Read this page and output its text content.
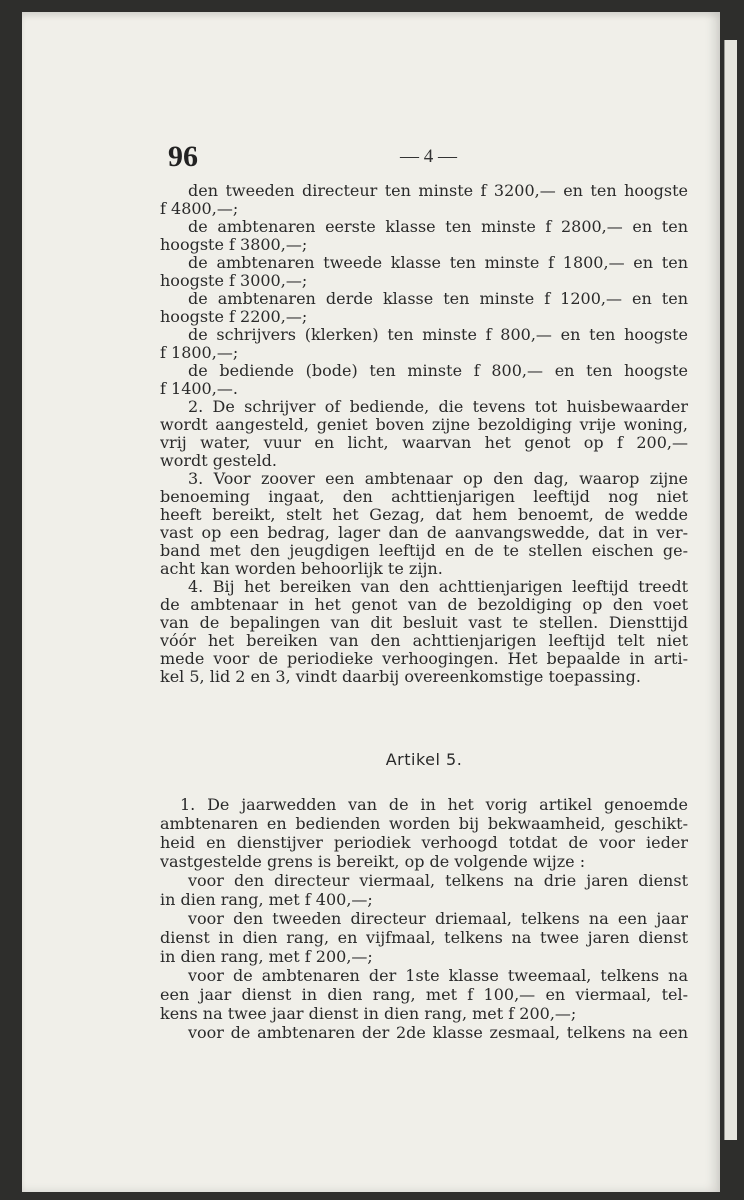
96	— 4 —
den tweeden directeur ten minste f 3200,— en ten hoogste
f 4800,—;
de ambtenaren eerste klasse ten minste f 2800,— en ten
hoogste f 3800,—;
de ambtenaren tweede klasse ten minste f 1800,— en ten
hoogste f 3000,—;
de ambtenaren derde klasse ten minste f 1200,— en ten
hoogste f 2200,—;
de schrijvers (klerken) ten minste f 800,— en ten hoogste
f 1800,—;
de bediende (bode) ten minste f 800,— en ten hoogste
f 1400,—.
2. De schrijver of bediende, die tevens tot huisbewaarder
wordt aangesteld, geniet boven zijne bezoldiging vrije woning,
vrij water, vuur en licht, waarvan het genot op f 200,—
wordt gesteld.
3. Voor zoover een ambtenaar op den dag, waarop zijne
benoeming ingaat, den achttienjarigen leeftijd nog niet
heeft bereikt, stelt het Gezag, dat hem benoemt, de wedde
vast op een bedrag, lager dan de aanvangswedde, dat in ver-
band met den jeugdigen leeftijd en de te stellen eischen ge-
acht kan worden behoorlijk te zijn.
4. Bij het bereiken van den achttienjarigen leeftijd treedt
de ambtenaar in het genot van de bezoldiging op den voet
van de bepalingen van dit besluit vast te stellen. Diensttijd
vóór het bereiken van den achttienjarigen leeftijd telt niet
mede voor de periodieke verhoogingen. Het bepaalde in arti-
kel 5, lid 2 en 3, vindt daarbij overeenkomstige toepassing.
Artikel 5.
1. De jaarwedden van de in het vorig artikel genoemde
ambtenaren en bedienden worden bij bekwaamheid, geschikt-
heid en dienstijver periodiek verhoogd totdat de voor ieder
vastgestelde grens is bereikt, op de volgende wijze :
voor den directeur viermaal, telkens na drie jaren dienst
in dien rang, met f 400,—;
voor den tweeden directeur driemaal, telkens na een jaar
dienst in dien rang, en vijfmaal, telkens na twee jaren dienst
in dien rang, met f 200,—;
voor de ambtenaren der 1ste klasse tweemaal, telkens na
een jaar dienst in dien rang, met f 100,— en viermaal, tel-
kens na twee jaar dienst in dien rang, met f 200,—;
voor de ambtenaren der 2de klasse zesmaal, telkens na een
